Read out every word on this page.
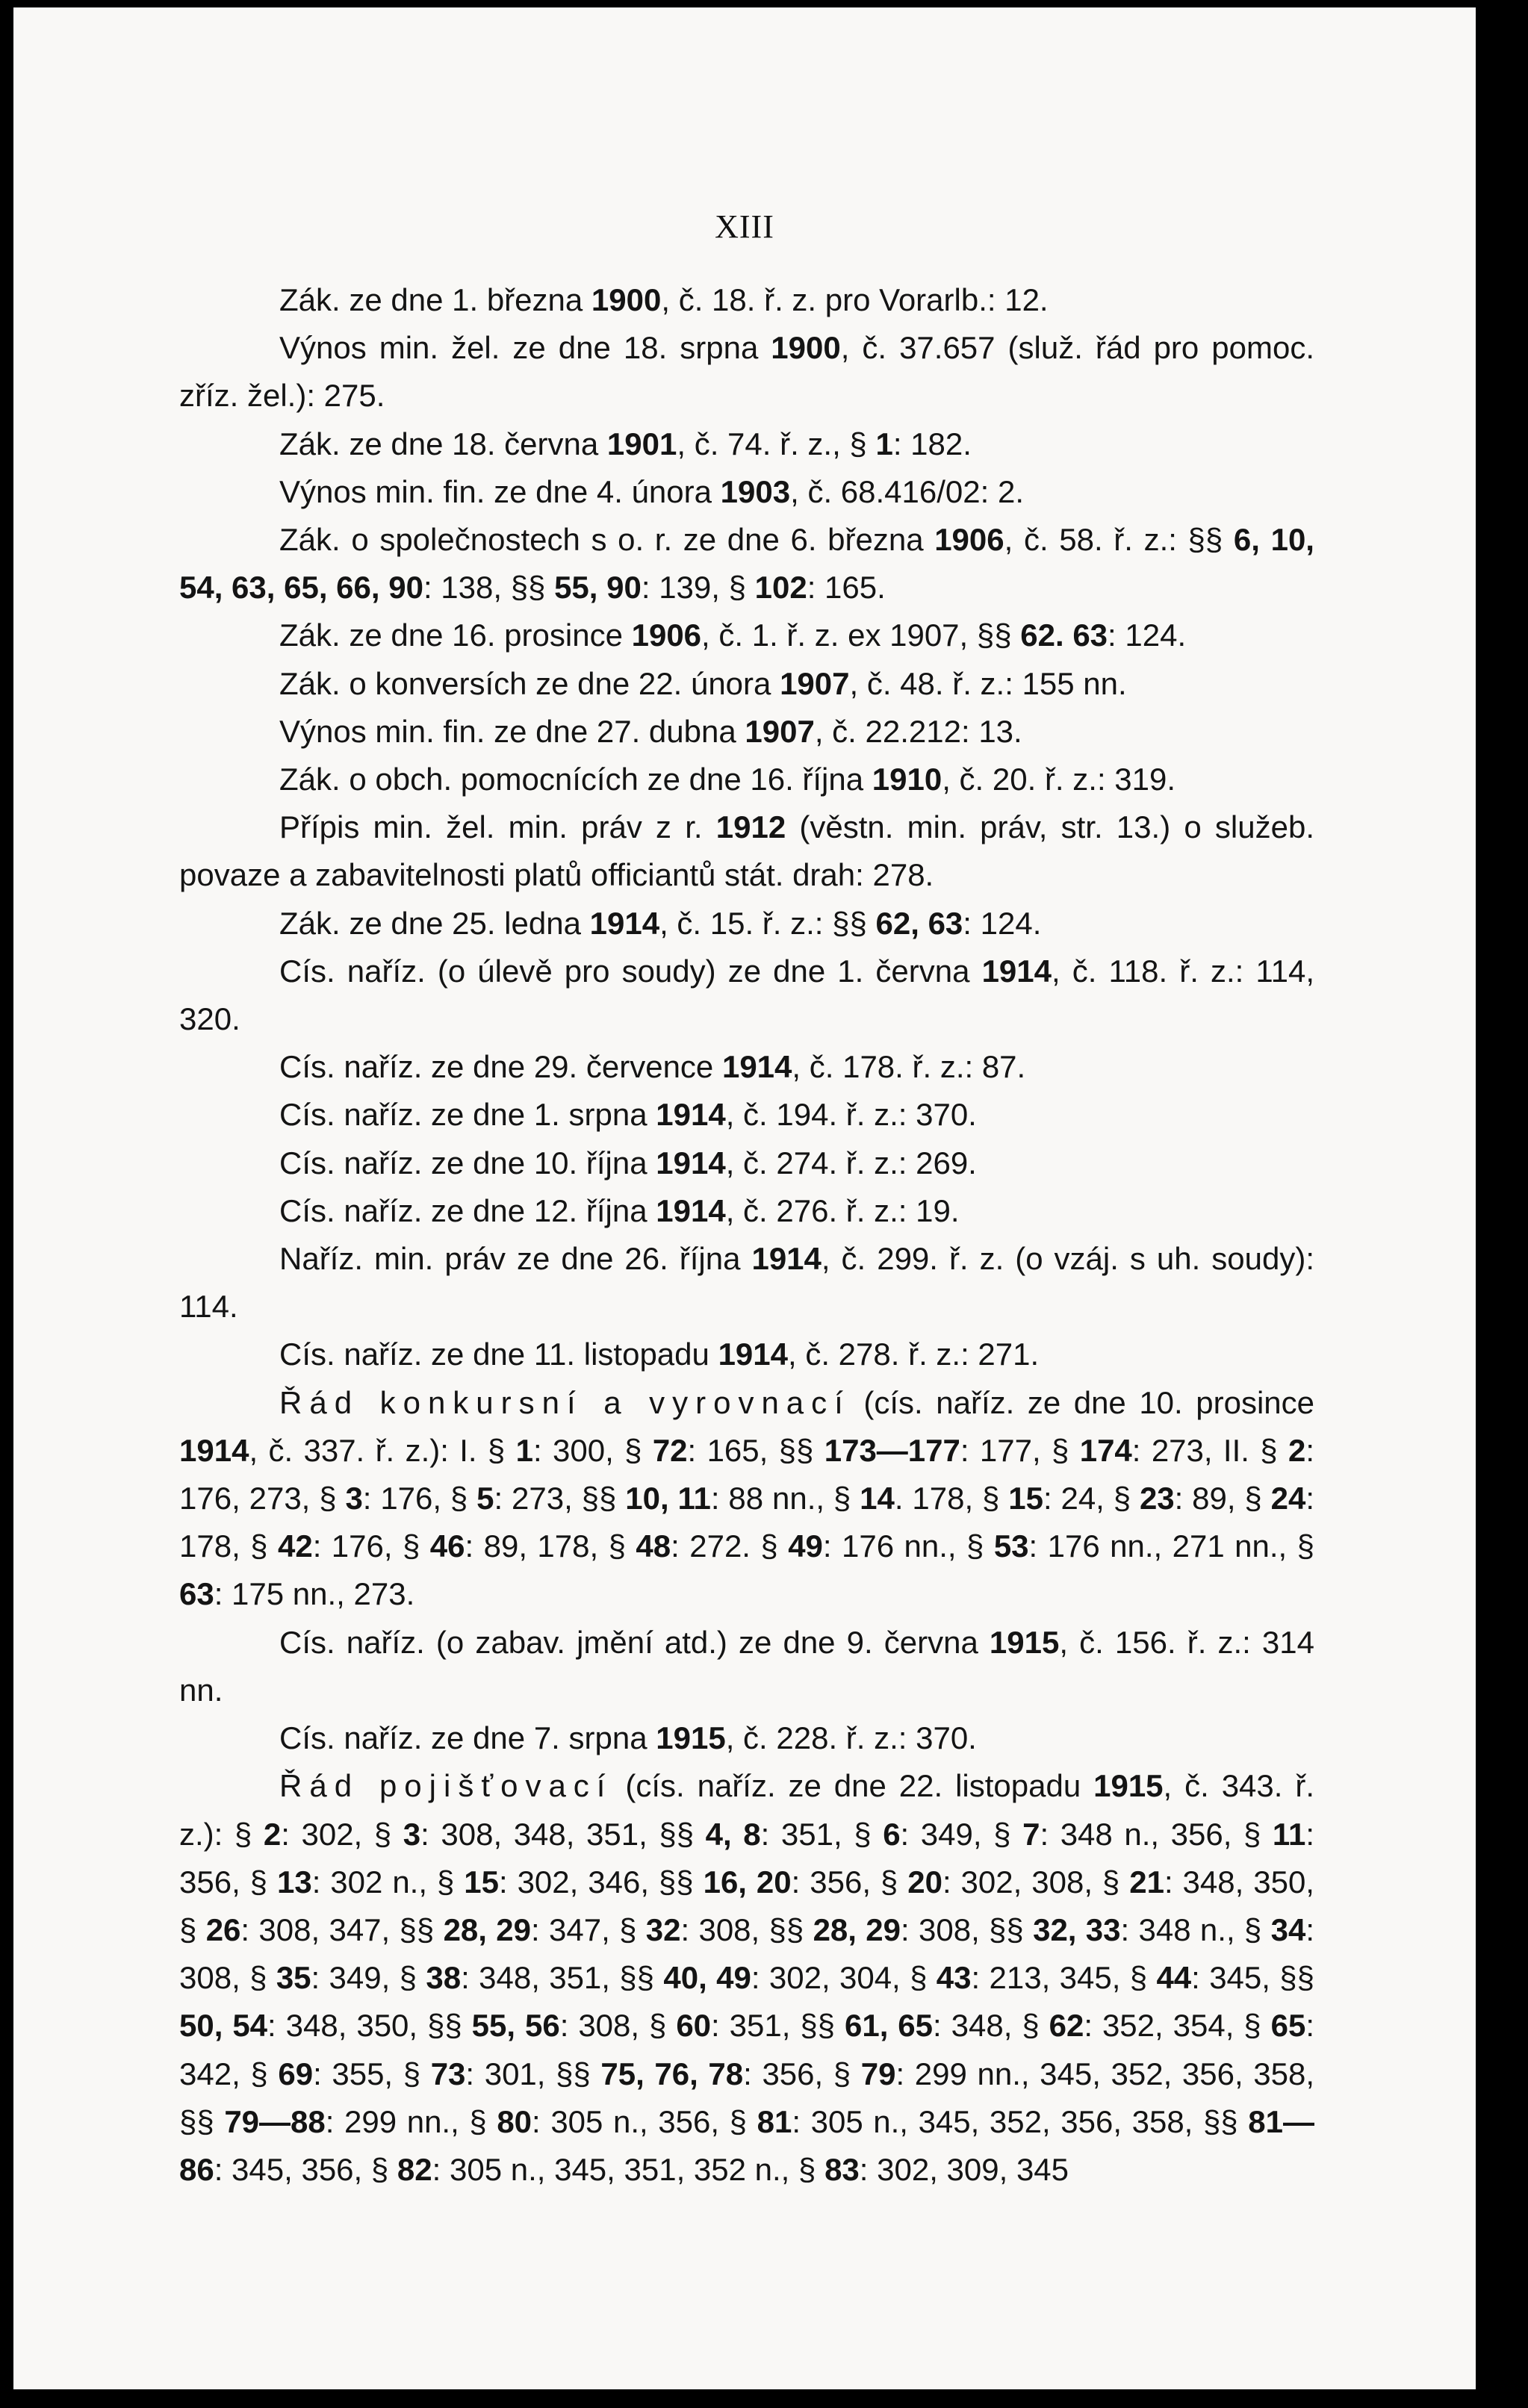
XIII

Zák. ze dne 1. března 1900, č. 18. ř. z. pro Vorarlb.: 12.

Výnos min. žel. ze dne 18. srpna 1900, č. 37.657 (služ. řád pro pomoc. zříz. žel.): 275.

Zák. ze dne 18. června 1901, č. 74. ř. z., § 1: 182.

Výnos min. fin. ze dne 4. února 1903, č. 68.416/02: 2.

Zák. o společnostech s o. r. ze dne 6. března 1906, č. 58. ř. z.: §§ 6, 10, 54, 63, 65, 66, 90: 138, §§ 55, 90: 139, § 102: 165.

Zák. ze dne 16. prosince 1906, č. 1. ř. z. ex 1907, §§ 62. 63: 124.

Zák. o konversích ze dne 22. února 1907, č. 48. ř. z.: 155 nn.

Výnos min. fin. ze dne 27. dubna 1907, č. 22.212: 13.

Zák. o obch. pomocnících ze dne 16. října 1910, č. 20. ř. z.: 319.

Přípis min. žel. min. práv z r. 1912 (věstn. min. práv, str. 13.) o služeb. povaze a zabavitelnosti platů officiantů stát. drah: 278.

Zák. ze dne 25. ledna 1914, č. 15. ř. z.: §§ 62, 63: 124.

Cís. naříz. (o úlevě pro soudy) ze dne 1. června 1914, č. 118. ř. z.: 114, 320.

Cís. naříz. ze dne 29. července 1914, č. 178. ř. z.: 87.

Cís. naříz. ze dne 1. srpna 1914, č. 194. ř. z.: 370.

Cís. naříz. ze dne 10. října 1914, č. 274. ř. z.: 269.

Cís. naříz. ze dne 12. října 1914, č. 276. ř. z.: 19.

Naříz. min. práv ze dne 26. října 1914, č. 299. ř. z. (o vzáj. s uh. soudy): 114.

Cís. naříz. ze dne 11. listopadu 1914, č. 278. ř. z.: 271.

Řád konkursní a vyrovnací (cís. naříz. ze dne 10. prosince 1914, č. 337. ř. z.): I. § 1: 300, § 72: 165, §§ 173—177: 177, § 174: 273, II. § 2: 176, 273, § 3: 176, § 5: 273, §§ 10, 11: 88 nn., § 14. 178, § 15: 24, § 23: 89, § 24: 178, § 42: 176, § 46: 89, 178, § 48: 272. § 49: 176 nn., § 53: 176 nn., 271 nn., § 63: 175 nn., 273.

Cís. naříz. (o zabav. jmění atd.) ze dne 9. června 1915, č. 156. ř. z.: 314 nn.

Cís. naříz. ze dne 7. srpna 1915, č. 228. ř. z.: 370.

Řád pojišťovací (cís. naříz. ze dne 22. listopadu 1915, č. 343. ř. z.): § 2: 302, § 3: 308, 348, 351, §§ 4, 8: 351, § 6: 349, § 7: 348 n., 356, § 11: 356, § 13: 302 n., § 15: 302, 346, §§ 16, 20: 356, § 20: 302, 308, § 21: 348, 350, § 26: 308, 347, §§ 28, 29: 347, § 32: 308, §§ 28, 29: 308, §§ 32, 33: 348 n., § 34: 308, § 35: 349, § 38: 348, 351, §§ 40, 49: 302, 304, § 43: 213, 345, § 44: 345, §§ 50, 54: 348, 350, §§ 55, 56: 308, § 60: 351, §§ 61, 65: 348, § 62: 352, 354, § 65: 342, § 69: 355, § 73: 301, §§ 75, 76, 78: 356, § 79: 299 nn., 345, 352, 356, 358, §§ 79—88: 299 nn., § 80: 305 n., 356, § 81: 305 n., 345, 352, 356, 358, §§ 81—86: 345, 356, § 82: 305 n., 345, 351, 352 n., § 83: 302, 309, 345
